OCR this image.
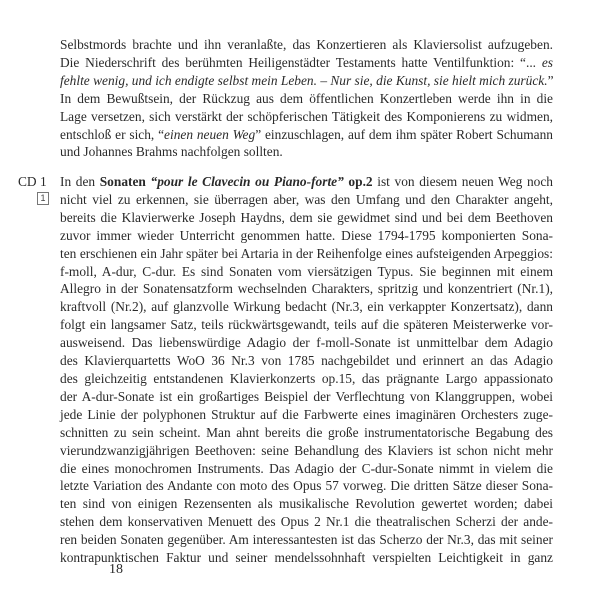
Selbstmords brachte und ihn veranlaßte, das Konzertieren als Klaviersolist aufzugeben.
Die Niederschrift des berühmten Heiligenstädter Testaments hatte Ventilfunktion: “... es
fehlte wenig, und ich endigte selbst mein Leben. – Nur sie, die Kunst, sie hielt mich zurück.”
In dem Bewußtsein, der Rückzug aus dem öffentlichen Konzertleben werde ihn in die
Lage versetzen, sich verstärkt der schöpferischen Tätigkeit des Komponierens zu widmen,
entschloß er sich, “einen neuen Weg” einzuschlagen, auf dem ihm später Robert Schumann
und Johannes Brahms nachfolgen sollten.
CD 1
1
In den Sonaten “pour le Clavecin ou Piano-forte” op.2 ist von diesem neuen Weg noch
nicht viel zu erkennen, sie überragen aber, was den Umfang und den Charakter angeht,
bereits die Klavierwerke Joseph Haydns, dem sie gewidmet sind und bei dem Beethoven
zuvor immer wieder Unterricht genommen hatte. Diese 1794-1795 komponierten Sona-
ten erschienen ein Jahr später bei Artaria in der Reihenfolge eines aufsteigenden Arpeggios:
f-moll, A-dur, C-dur. Es sind Sonaten vom viersätzigen Typus. Sie beginnen mit einem
Allegro in der Sonatensatzform wechselnden Charakters, spritzig und konzentriert (Nr.1),
kraftvoll (Nr.2), auf glanzvolle Wirkung bedacht (Nr.3, ein verkappter Konzertsatz), dann
folgt ein langsamer Satz, teils rückwärtsgewandt, teils auf die späteren Meisterwerke vor-
ausweisend. Das liebenswürdige Adagio der f-moll-Sonate ist unmittelbar dem Adagio
des Klavierquartetts WoO 36 Nr.3 von 1785 nachgebildet und erinnert an das Adagio
des gleichzeitig entstandenen Klavierkonzerts op.15, das prägnante Largo appassionato
der A-dur-Sonate ist ein großartiges Beispiel der Verflechtung von Klanggruppen, wobei
jede Linie der polyphonen Struktur auf die Farbwerte eines imaginären Orchesters zuge-
schnitten zu sein scheint. Man ahnt bereits die große instrumentatorische Begabung des
vierundzwanzigjährigen Beethoven: seine Behandlung des Klaviers ist schon nicht mehr
die eines monochromen Instruments. Das Adagio der C-dur-Sonate nimmt in vielem die
letzte Variation des Andante con moto des Opus 57 vorweg. Die dritten Sätze dieser Sona-
ten sind von einigen Rezensenten als musikalische Revolution gewertet worden; dabei
stehen dem konservativen Menuett des Opus 2 Nr.1 die theatralischen Scherzi der ande-
ren beiden Sonaten gegenüber. Am interessantesten ist das Scherzo der Nr.3, das mit seiner
kontrapunktischen Faktur und seiner mendelssohnhaft verspielten Leichtigkeit in ganz
18
